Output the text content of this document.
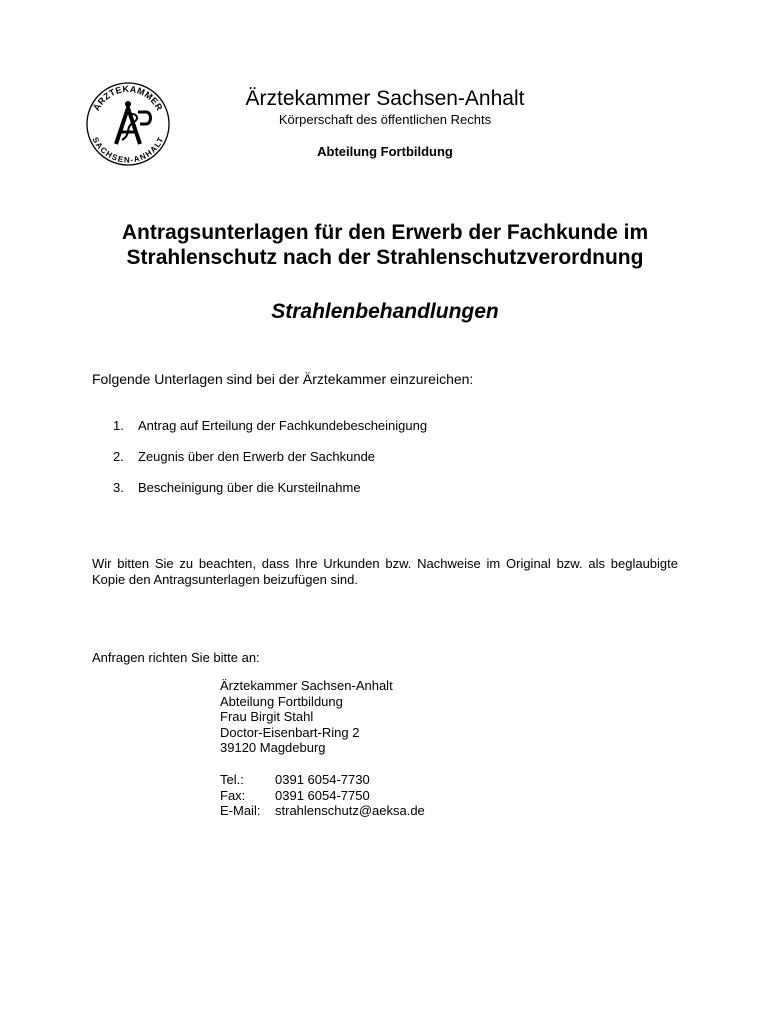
ÄRZTEKAMMER
SACHSEN-ANHALT
Ärztekammer Sachsen-Anhalt
Körperschaft des öffentlichen Rechts
Abteilung Fortbildung
Antragsunterlagen für den Erwerb der Fachkunde im
Strahlenschutz nach der Strahlenschutzverordnung
Strahlenbehandlungen
Folgende Unterlagen sind bei der Ärztekammer einzureichen:
1. Antrag auf Erteilung der Fachkundebescheinigung
2. Zeugnis über den Erwerb der Sachkunde
3. Bescheinigung über die Kursteilnahme
Wir bitten Sie zu beachten, dass Ihre Urkunden bzw. Nachweise im Original bzw. als beglaubigte Kopie den Antragsunterlagen beizufügen sind.
Anfragen richten Sie bitte an:
Ärztekammer Sachsen-Anhalt
Abteilung Fortbildung
Frau Birgit Stahl
Doctor-Eisenbart-Ring 2
39120 Magdeburg
Tel.: 0391 6054-7730
Fax: 0391 6054-7750
E-Mail: strahlenschutz@aeksa.de
